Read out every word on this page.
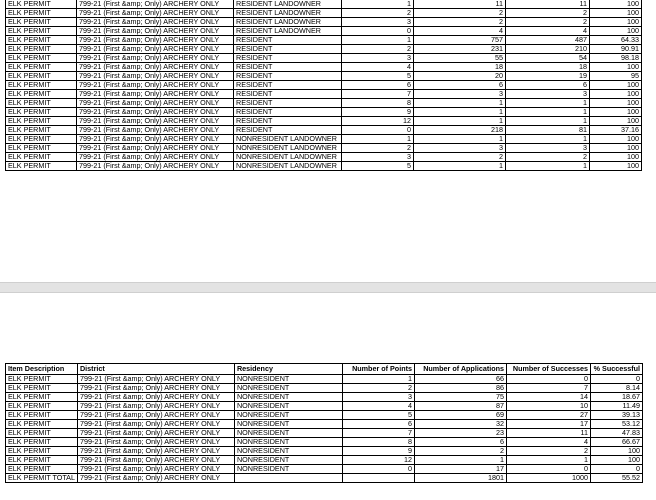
ELK PERMIT	799-21 (First &amp; Only) ARCHERY ONLY	RESIDENT LANDOWNER	1	11	11	100
ELK PERMIT	799-21 (First &amp; Only) ARCHERY ONLY	RESIDENT LANDOWNER	2	2	2	100
ELK PERMIT	799-21 (First &amp; Only) ARCHERY ONLY	RESIDENT LANDOWNER	3	2	2	100
ELK PERMIT	799-21 (First &amp; Only) ARCHERY ONLY	RESIDENT LANDOWNER	0	4	4	100
ELK PERMIT	799-21 (First &amp; Only) ARCHERY ONLY	RESIDENT	1	757	487	64.33
ELK PERMIT	799-21 (First &amp; Only) ARCHERY ONLY	RESIDENT	2	231	210	90.91
ELK PERMIT	799-21 (First &amp; Only) ARCHERY ONLY	RESIDENT	3	55	54	98.18
ELK PERMIT	799-21 (First &amp; Only) ARCHERY ONLY	RESIDENT	4	18	18	100
ELK PERMIT	799-21 (First &amp; Only) ARCHERY ONLY	RESIDENT	5	20	19	95
ELK PERMIT	799-21 (First &amp; Only) ARCHERY ONLY	RESIDENT	6	6	6	100
ELK PERMIT	799-21 (First &amp; Only) ARCHERY ONLY	RESIDENT	7	3	3	100
ELK PERMIT	799-21 (First &amp; Only) ARCHERY ONLY	RESIDENT	8	1	1	100
ELK PERMIT	799-21 (First &amp; Only) ARCHERY ONLY	RESIDENT	9	1	1	100
ELK PERMIT	799-21 (First &amp; Only) ARCHERY ONLY	RESIDENT	12	1	1	100
ELK PERMIT	799-21 (First &amp; Only) ARCHERY ONLY	RESIDENT	0	218	81	37.16
ELK PERMIT	799-21 (First &amp; Only) ARCHERY ONLY	NONRESIDENT LANDOWNER	1	1	1	100
ELK PERMIT	799-21 (First &amp; Only) ARCHERY ONLY	NONRESIDENT LANDOWNER	2	3	3	100
ELK PERMIT	799-21 (First &amp; Only) ARCHERY ONLY	NONRESIDENT LANDOWNER	3	2	2	100
ELK PERMIT	799-21 (First &amp; Only) ARCHERY ONLY	NONRESIDENT LANDOWNER	5	1	1	100
Item Description	District	Residency	Number of Points	Number of Applications	Number of Successes	% Successful
ELK PERMIT	799-21 (First &amp; Only) ARCHERY ONLY	NONRESIDENT	1	66	0	0
ELK PERMIT	799-21 (First &amp; Only) ARCHERY ONLY	NONRESIDENT	2	86	7	8.14
ELK PERMIT	799-21 (First &amp; Only) ARCHERY ONLY	NONRESIDENT	3	75	14	18.67
ELK PERMIT	799-21 (First &amp; Only) ARCHERY ONLY	NONRESIDENT	4	87	10	11.49
ELK PERMIT	799-21 (First &amp; Only) ARCHERY ONLY	NONRESIDENT	5	69	27	39.13
ELK PERMIT	799-21 (First &amp; Only) ARCHERY ONLY	NONRESIDENT	6	32	17	53.12
ELK PERMIT	799-21 (First &amp; Only) ARCHERY ONLY	NONRESIDENT	7	23	11	47.83
ELK PERMIT	799-21 (First &amp; Only) ARCHERY ONLY	NONRESIDENT	8	6	4	66.67
ELK PERMIT	799-21 (First &amp; Only) ARCHERY ONLY	NONRESIDENT	9	2	2	100
ELK PERMIT	799-21 (First &amp; Only) ARCHERY ONLY	NONRESIDENT	12	1	1	100
ELK PERMIT	799-21 (First &amp; Only) ARCHERY ONLY	NONRESIDENT	0	17	0	0
ELK PERMIT TOTAL	799-21 (First &amp; Only) ARCHERY ONLY			1801	1000	55.52
